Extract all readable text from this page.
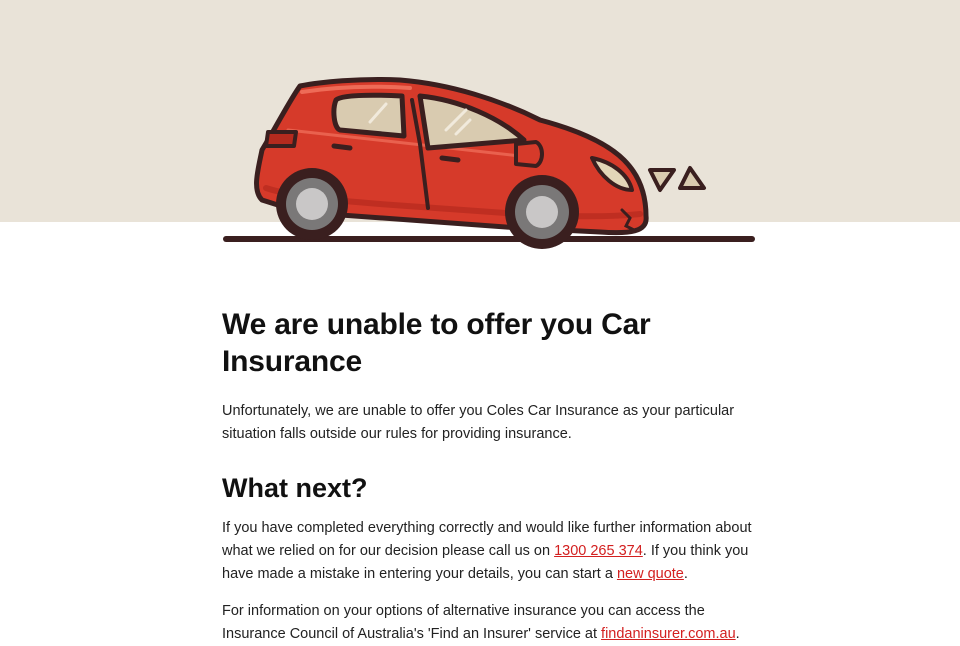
We are unable to offer you Car Insurance

Unfortunately, we are unable to offer you Coles Car Insurance as your particular situation falls outside our rules for providing insurance.

What next?

If you have completed everything correctly and would like further information about what we relied on for our decision please call us on 1300 265 374. If you think you have made a mistake in entering your details, you can start a new quote.

For information on your options of alternative insurance you can access the Insurance Council of Australia's 'Find an Insurer' service at findaninsurer.com.au.
